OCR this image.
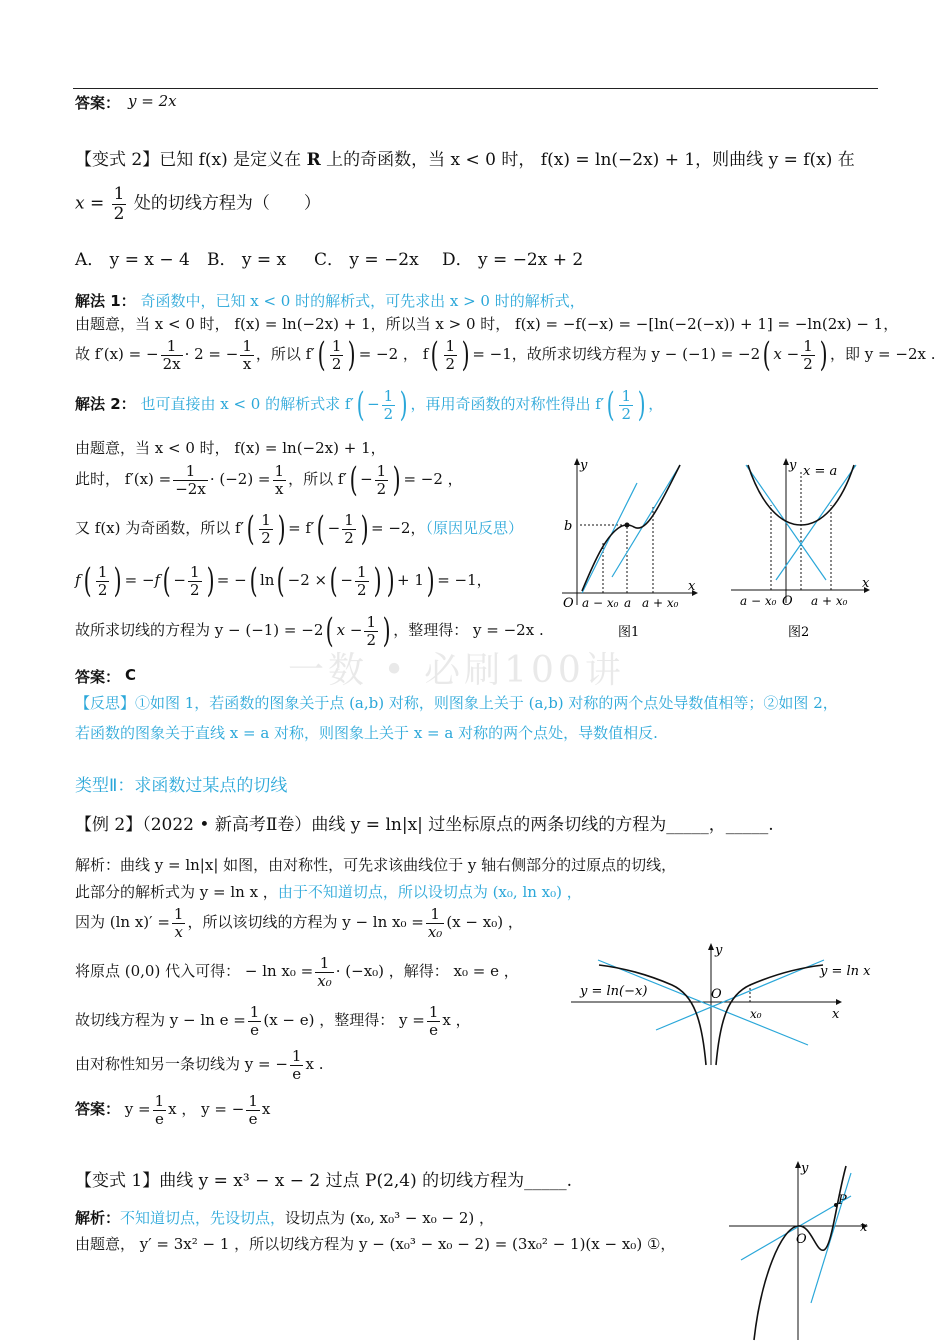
答案： y = 2x
【变式 2】已知 f(x) 是定义在 R 上的奇函数，当 x < 0 时， f(x) = ln(−2x) + 1，则曲线 y = f(x) 在
$x = \frac{1}{2}$ 处的切线方程为（　　）
A． y = x − 4 B． y = x C． y = −2x D． y = −2x + 2
解法 1： 奇函数中，已知 x < 0 时的解析式，可先求出 x > 0 时的解析式，
由题意，当 x < 0 时， f(x) = ln(−2x) + 1，所以当 x > 0 时， f(x) = −f(−x) = −[ln(−2(−x)) + 1] = −ln(2x) − 1，
故 f′(x) = − $\frac{1}{2x} \cdot 2$ = − $\frac{1}{x}$ ，所以 $f'( \frac{1}{2}$ ) = −2 ， $f( \frac{1}{2}$ ) = −1，故所求切线方程为 y − (−1) = −2( $x - \frac{1}{2}$ ) ，即 y = −2x .
解法 2： 也可直接由 x < 0 的解析式求 $f'( - \frac{1}{2}$ ) ，再用奇函数的对称性得出 $f'( \frac{1}{2}$ ) ，
由题意，当 x < 0 时， f(x) = ln(−2x) + 1，
此时， $f'(x) = \frac{1}{-2x} \cdot (-2) = \frac{1}{x}$ ，所以 $f'( - \frac{1}{2}$ ) = −2 ，
又 f(x) 为奇函数，所以 $f'( \frac{1}{2}$ ) = $f'( - \frac{1}{2}$ ) = −2，（原因见反思）
$f( \frac{1}{2}$ ) = $-f( - \frac{1}{2}$ ) = −( ln( −2 ×( − $\frac{1}{2}$ ) ) + 1) = −1，
故所求切线的方程为 y − (−1) = −2( $x - \frac{1}{2}$ ) ，整理得： y = −2x .
答案： C	一数 • 必刷100讲
【反思】①如图 1，若函数的图象关于点 (a,b) 对称，则图象上关于 (a,b) 对称的两个点处导数值相等；②如图 2，
若函数的图象关于直线 x = a 对称，则图象上关于 x = a 对称的两个点处，导数值相反.
y
x
O
b
a − x₀ a a + x₀
图1
y x = a
x
O
a − x₀	a + x₀
图2
类型Ⅱ：求函数过某点的切线
【例 2】（2022 • 新高考Ⅱ卷）曲线 y = ln|x| 过坐标原点的两条切线的方程为_____，_____.
解析：曲线 y = ln|x| 如图，由对称性，可先求该曲线位于 y 轴右侧部分的过原点的切线，
此部分的解析式为 y = ln x ，由于不知道切点，所以设切点为 (x₀, ln x₀) ，
因为 (ln $x)' = \frac{1}{x}$ ，所以该切线的方程为 $y - \ln x_0 = \frac{1}{\text{x₀}} (x - x_0)$ ，
将原点 (0,0) 代入可得： − $\ln x_0 = \frac{1}{\text{x₀}} \cdot (-x_0)$ ，解得： x₀ = e ，
故切线方程为 $y - \ln e = \frac{1}{e} (x - e)$ ，整理得： $y = \frac{1}{e}$ x ，
由对称性知另一条切线为 y = − $\frac{1}{e}$ x .
答案： $y = \frac{1}{e}$ x ， y = − $\frac{1}{e}$ x
y
x
O
y = ln x
y = ln(−x)
x₀
【变式 1】曲线 y = x³ − x − 2 过点 P(2,4) 的切线方程为_____.
解析：不知道切点，先设切点，设切点为 (x₀, x₀³ − x₀ − 2) ，
由题意， y′ = 3x² − 1 ，所以切线方程为 y − (x₀³ − x₀ − 2) = (3x₀² − 1)(x − x₀) ①，
y
x
O
P
